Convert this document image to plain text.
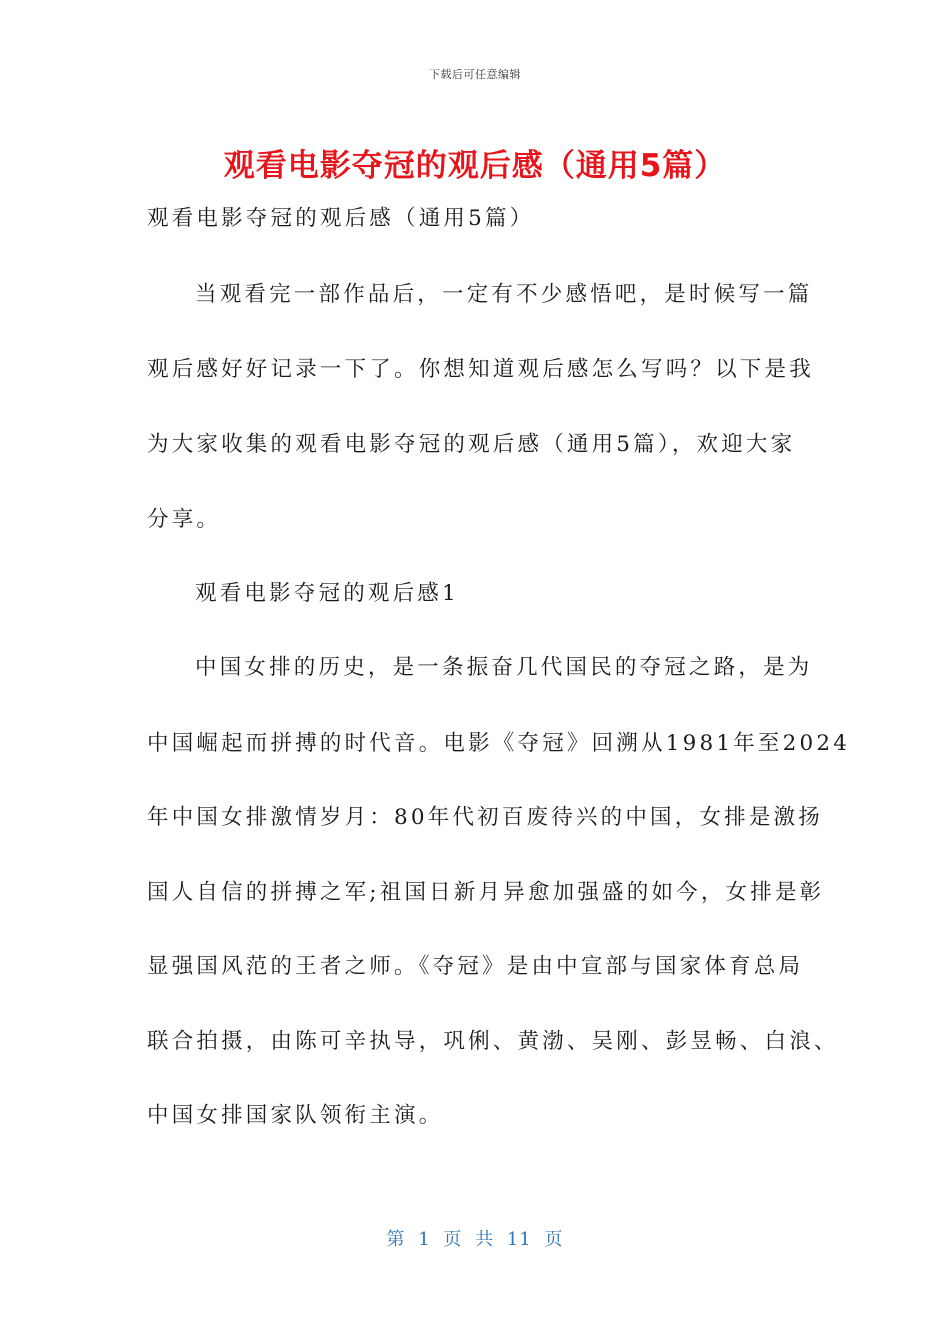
下载后可任意编辑
观看电影夺冠的观后感（通用5篇）
观看电影夺冠的观后感（通用5篇）
当观看完一部作品后，一定有不少感悟吧，是时候写一篇
观后感好好记录一下了。你想知道观后感怎么写吗？以下是我
为大家收集的观看电影夺冠的观后感（通用5篇），欢迎大家
分享。
观看电影夺冠的观后感1
中国女排的历史，是一条振奋几代国民的夺冠之路，是为
中国崛起而拼搏的时代音。电影《夺冠》回溯从1981年至2024
年中国女排激情岁月：80年代初百废待兴的中国，女排是激扬
国人自信的拼搏之军;祖国日新月异愈加强盛的如今，女排是彰
显强国风范的王者之师。《夺冠》是由中宣部与国家体育总局
联合拍摄，由陈可辛执导，巩俐、黄渤、吴刚、彭昱畅、白浪、
中国女排国家队领衔主演。
第 1 页 共 11 页
